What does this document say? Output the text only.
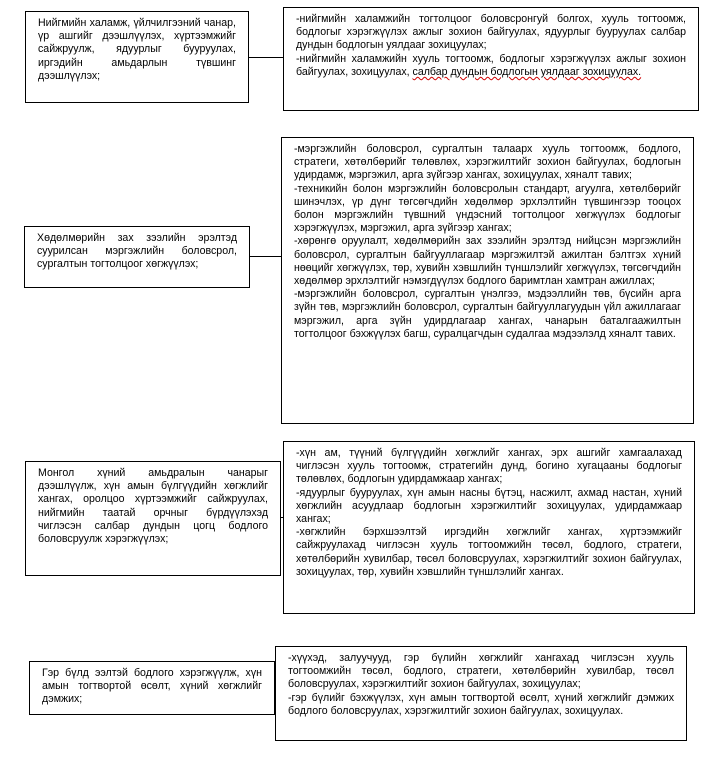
Нийгмийн халамж, үйлчилгээний чанар, үр ашгийг дээшлүүлэх, хүртээмжийг сайжруулж, ядуурлыг бууруулах, иргэдийн амьдарлын түвшинг дээшлүүлэх;

-нийгмийн халамжийн тогтолцоог боловсронгуй болгох, хууль тогтоомж, бодлогыг хэрэгжүүлэх ажлыг зохион байгуулах, ядуурлыг бууруулах салбар дундын бодлогын уялдааг зохицуулах;

-нийгмийн халамжийн хууль тогтоомж, бодлогыг хэрэгжүүлэх ажлыг зохион байгуулах, зохицуулах, салбар дундын бодлогын уялдааг зохицуулах.

Хөдөлмөрийн зах зээлийн эрэлтэд суурилсан мэргэжлийн боловсрол, сургалтын тогтолцоог хөгжүүлэх;

-мэргэжлийн боловсрол, сургалтын талаарх хууль тогтоомж, бодлого, стратеги, хөтөлбөрийг төлөвлөх, хэрэгжилтийг зохион байгуулах, бодлогын удирдамж, мэргэжил, арга зүйгээр хангах, зохицуулах, хяналт тавих;

-техникийн болон мэргэжлийн боловсролын стандарт, агуулга, хөтөлбөрийг шинэчлэх, үр дүнг төгсөгчдийн хөдөлмөр эрхлэлтийн түвшингээр тооцох болон мэргэжлийн түвшний үндэсний тогтолцоог хөгжүүлэх бодлогыг хэрэгжүүлэх, мэргэжил, арга зүйгээр хангах;

-хөрөнгө оруулалт, хөдөлмөрийн зах зээлийн эрэлтэд нийцсэн мэргэжлийн боловсрол, сургалтын байгууллагаар мэргэжилтэй ажилтан бэлтгэх хүний нөөцийг хөгжүүлэх, төр, хувийн хэвшлийн түншлэлийг хөгжүүлэх, төгсөгчдийн хөдөлмөр эрхлэлтийг нэмэгдүүлэх бодлого баримтлан хамтран ажиллах;

-мэргэжлийн боловсрол, сургалтын үнэлгээ, мэдээллийн төв, бүсийн арга зүйн төв, мэргэжлийн боловсрол, сургалтын байгууллагуудын үйл ажиллагааг мэргэжил, арга зүйн удирдлагаар хангах, чанарын баталгаажилтын тогтолцоог бэхжүүлэх багш, суралцагчдын судалгаа мэдээлэлд хяналт тавих.

Монгол хүний амьдралын чанарыг дээшлүүлж, хүн амын бүлгүүдийн хөгжлийг хангах, оролцоо хүртээмжийг сайжруулах, нийгмийн таатай орчныг бүрдүүлэхэд чиглэсэн салбар дундын цогц бодлого боловсруулж хэрэгжүүлэх;

-хүн ам, түүний бүлгүүдийн хөгжлийг хангах, эрх ашгийг хамгаалахад чиглэсэн хууль тогтоомж, стратегийн дунд, богино хугацааны бодлогыг төлөвлөх, бодлогын удирдамжаар хангах;

-ядуурлыг бууруулах, хүн амын насны бүтэц, насжилт, ахмад настан, хүний хөгжлийн асуудлаар бодлогын хэрэгжилтийг зохицуулах, удирдамжаар хангах;

-хөгжлийн бэрхшээлтэй иргэдийн хөгжлийг хангах, хүртээмжийг сайжруулахад чиглэсэн хууль тогтоомжийн төсөл, бодлого, стратеги, хөтөлбөрийн хувилбар, төсөл боловсруулах, хэрэгжилтийг зохион байгуулах, зохицуулах, төр, хувийн хэвшлийн түншлэлийг хангах.

Гэр бүлд ээлтэй бодлого хэрэгжүүлж, хүн амын тогтвортой өсөлт, хүний хөгжлийг дэмжих;

-хүүхэд, залуучууд, гэр бүлийн хөгжлийг хангахад чиглэсэн хууль тогтоомжийн төсөл, бодлого, стратеги, хөтөлбөрийн хувилбар, төсөл боловсруулах, хэрэгжилтийг зохион байгуулах, зохицуулах;

-гэр бүлийг бэхжүүлэх, хүн амын тогтвортой өсөлт, хүний хөгжлийг дэмжих бодлого боловсруулах, хэрэгжилтийг зохион байгуулах, зохицуулах.
